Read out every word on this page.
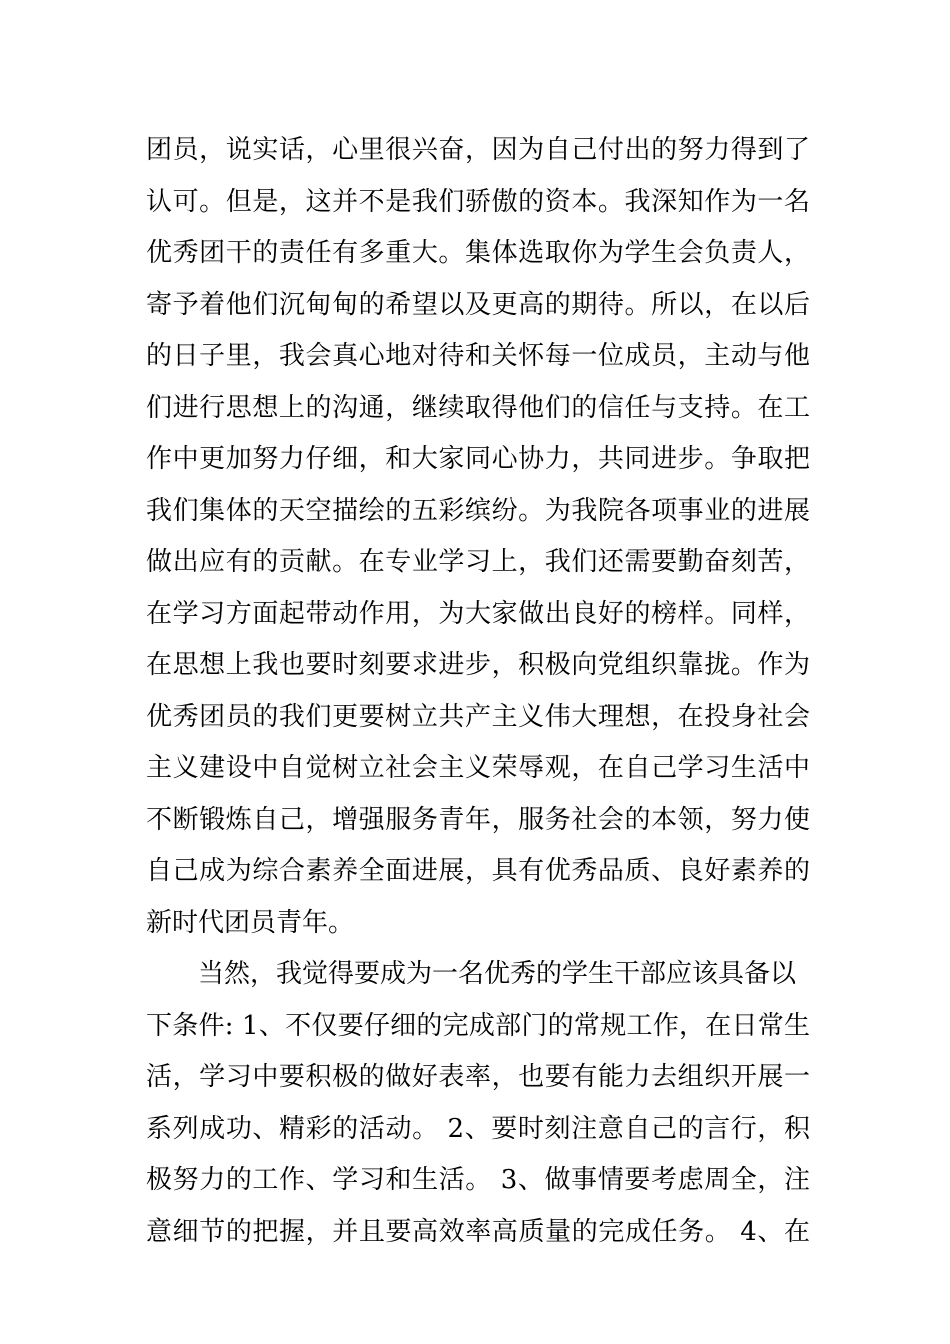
团员，说实话，心里很兴奋，因为自己付出的努力得到了
认可。但是，这并不是我们骄傲的资本。我深知作为一名
优秀团干的责任有多重大。集体选取你为学生会负责人，
寄予着他们沉甸甸的希望以及更高的期待。所以，在以后
的日子里，我会真心地对待和关怀每一位成员，主动与他
们进行思想上的沟通，继续取得他们的信任与支持。在工
作中更加努力仔细，和大家同心协力，共同进步。争取把
我们集体的天空描绘的五彩缤纷。为我院各项事业的进展
做出应有的贡献。在专业学习上，我们还需要勤奋刻苦，
在学习方面起带动作用，为大家做出良好的榜样。同样，
在思想上我也要时刻要求进步，积极向党组织靠拢。作为
优秀团员的我们更要树立共产主义伟大理想，在投身社会
主义建设中自觉树立社会主义荣辱观，在自己学习生活中
不断锻炼自己，增强服务青年，服务社会的本领，努力使
自己成为综合素养全面进展，具有优秀品质、良好素养的
新时代团员青年。
　　当然，我觉得要成为一名优秀的学生干部应该具备以
下条件: 1、不仅要仔细的完成部门的常规工作，在日常生
活，学习中要积极的做好表率，也要有能力去组织开展一
系列成功、精彩的活动。 2、要时刻注意自己的言行，积
极努力的工作、学习和生活。 3、做事情要考虑周全，注
意细节的把握，并且要高效率高质量的完成任务。 4、在
